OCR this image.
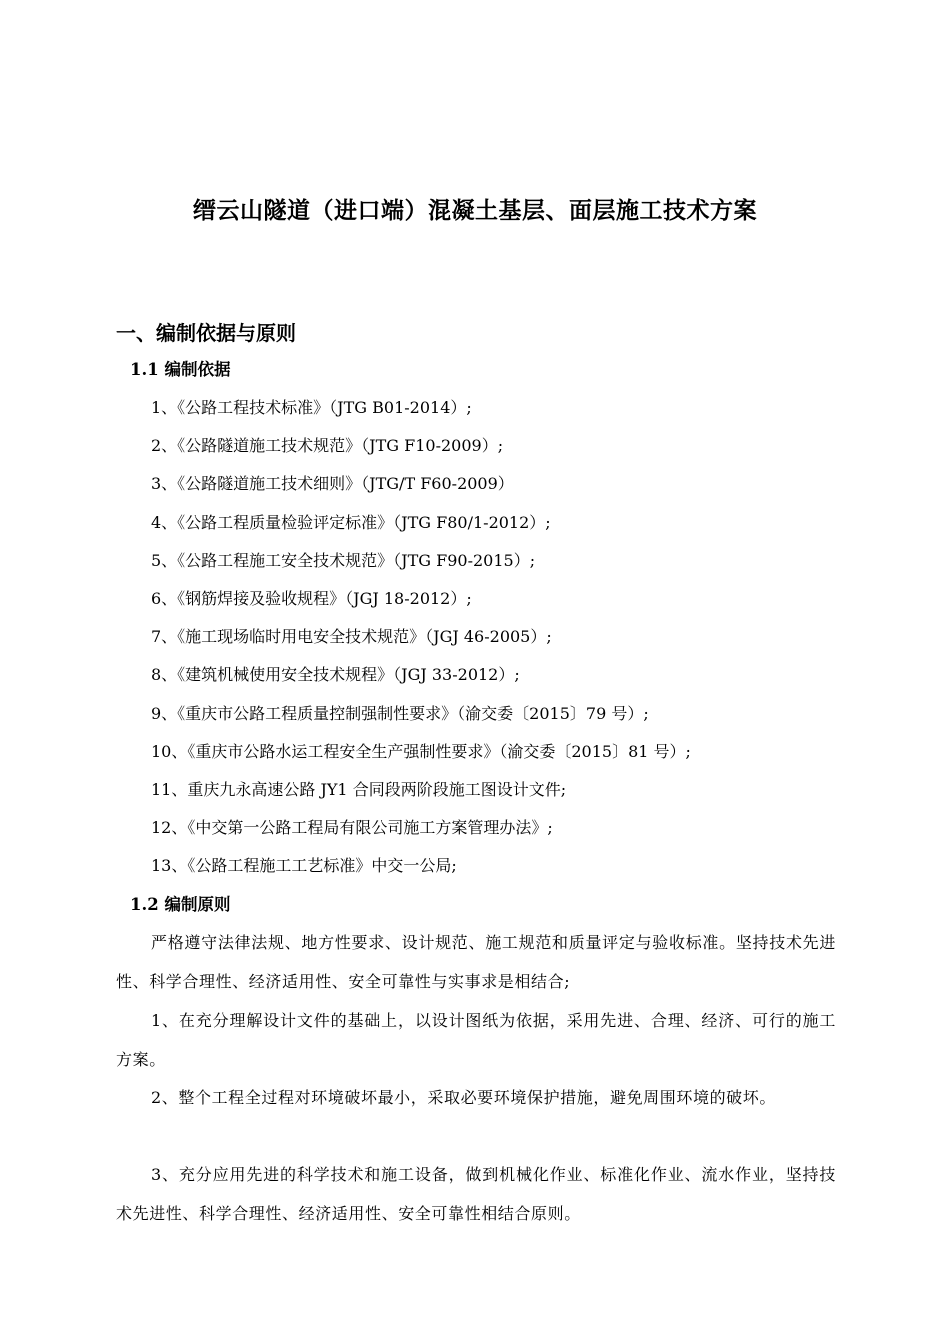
缙云山隧道（进口端）混凝土基层、面层施工技术方案
一、编制依据与原则
1.1 编制依据
1、《公路工程技术标准》（JTG B01-2014）;
2、《公路隧道施工技术规范》（JTG F10-2009）;
3、《公路隧道施工技术细则》（JTG/T F60-2009）
4、《公路工程质量检验评定标准》（JTG F80/1-2012）;
5、《公路工程施工安全技术规范》（JTG F90-2015）;
6、《钢筋焊接及验收规程》（JGJ 18-2012）;
7、《施工现场临时用电安全技术规范》（JGJ 46-2005）;
8、《建筑机械使用安全技术规程》（JGJ 33-2012）;
9、《重庆市公路工程质量控制强制性要求》（渝交委〔2015〕79 号）;
10、《重庆市公路水运工程安全生产强制性要求》（渝交委〔2015〕81 号）;
11、重庆九永高速公路 JY1 合同段两阶段施工图设计文件;
12、《中交第一公路工程局有限公司施工方案管理办法》;
13、《公路工程施工工艺标准》中交一公局;
1.2 编制原则
严格遵守法律法规、地方性要求、设计规范、施工规范和质量评定与验收标准。坚持技术先进性、科学合理性、经济适用性、安全可靠性与实事求是相结合;
1、在充分理解设计文件的基础上，以设计图纸为依据，采用先进、合理、经济、可行的施工方案。
2、整个工程全过程对环境破坏最小，采取必要环境保护措施，避免周围环境的破坏。
3、充分应用先进的科学技术和施工设备，做到机械化作业、标准化作业、流水作业，坚持技术先进性、科学合理性、经济适用性、安全可靠性相结合原则。
